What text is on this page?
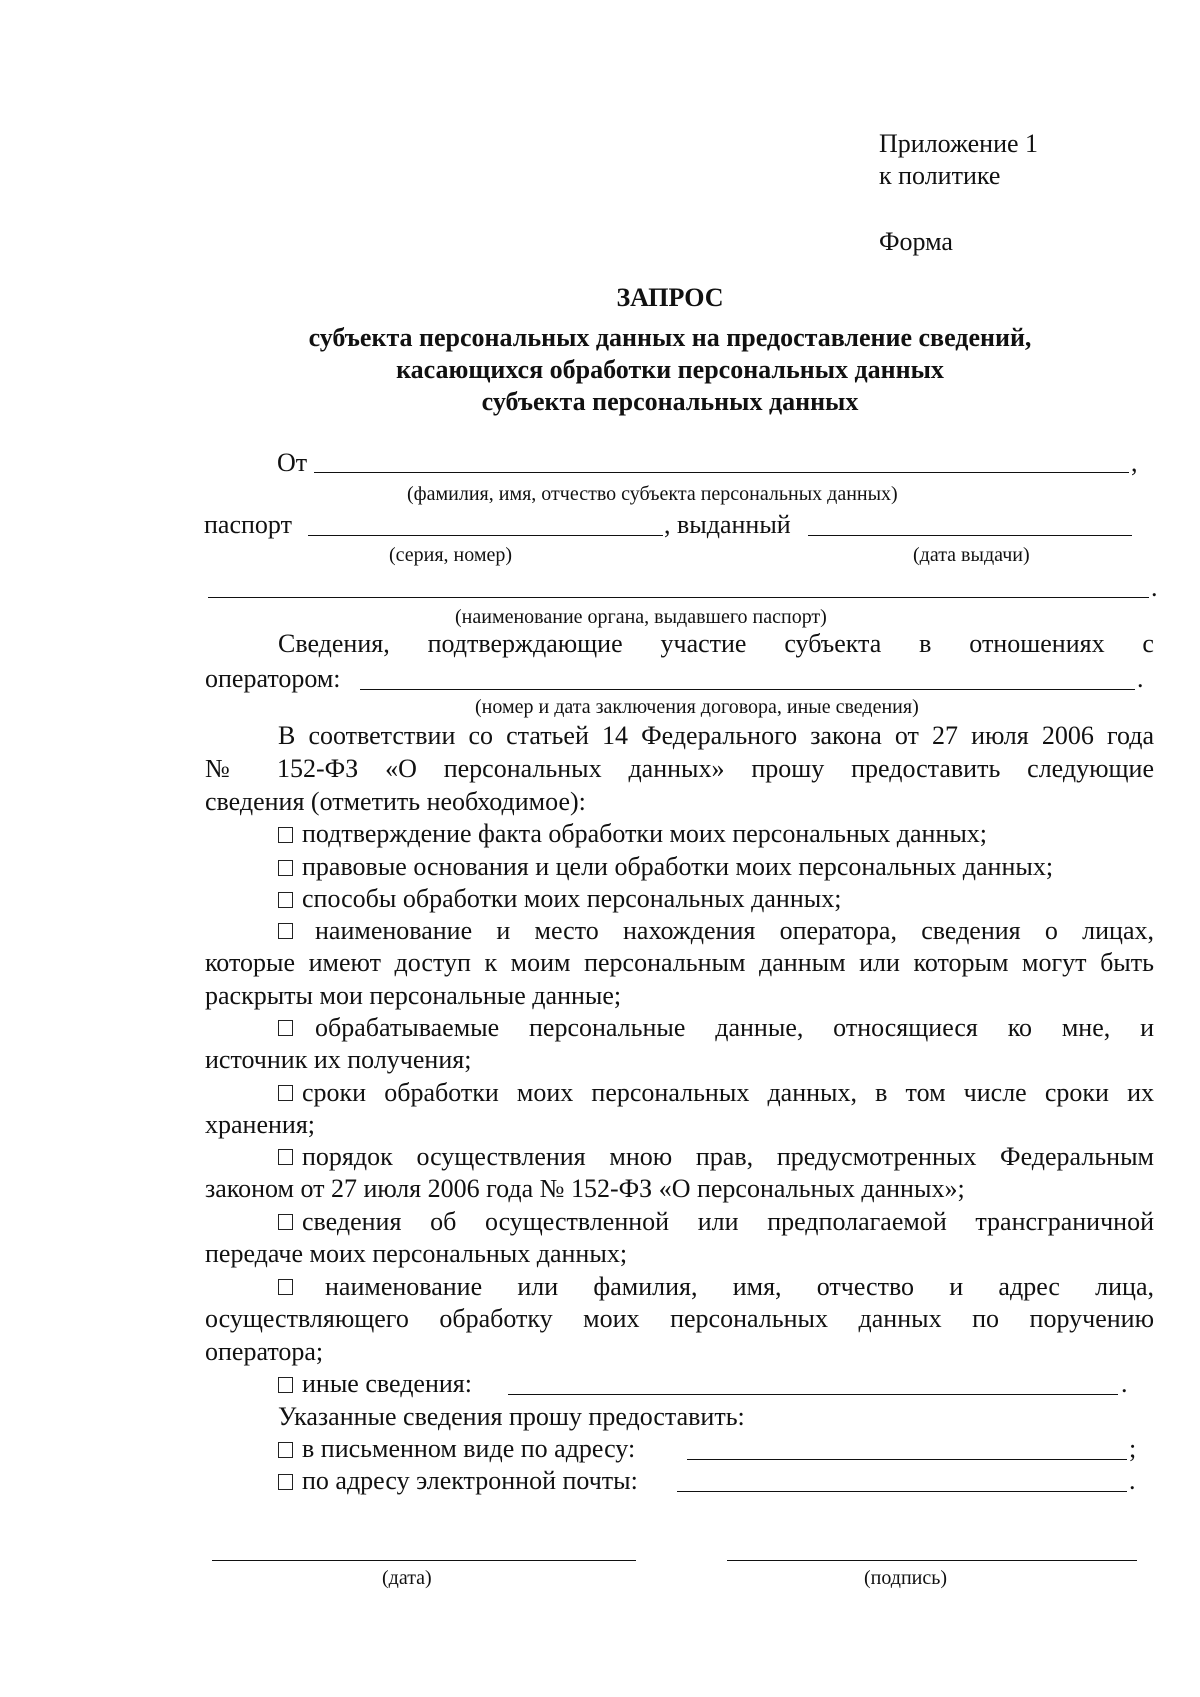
Приложение 1
к политике
Форма
ЗАПРОС
субъекта персональных данных на предоставление сведений,
касающихся обработки персональных данных
субъекта персональных данных
От	,
(фамилия, имя, отчество субъекта персональных данных)
паспорт	, выданный
(серия, номер)	(дата выдачи)
.
(наименование органа, выдавшего паспорт)
Сведения, подтверждающие участие субъекта в отношениях с
оператором:	.
(номер и дата заключения договора, иные сведения)
В соответствии со статьей 14 Федерального закона от 27 июля 2006 года
№ 152-ФЗ «О персональных данных» прошу предоставить следующие
сведения (отметить необходимое):
подтверждение факта обработки моих персональных данных;
правовые основания и цели обработки моих персональных данных;
способы обработки моих персональных данных;
наименование и место нахождения оператора, сведения о лицах,
которые имеют доступ к моим персональным данным или которым могут быть
раскрыты мои персональные данные;
обрабатываемые персональные данные, относящиеся ко мне, и
источник их получения;
сроки обработки моих персональных данных, в том числе сроки их
хранения;
порядок осуществления мною прав, предусмотренных Федеральным
законом от 27 июля 2006 года № 152-ФЗ «О персональных данных»;
сведения об осуществленной или предполагаемой трансграничной
передаче моих персональных данных;
наименование или фамилия, имя, отчество и адрес лица,
осуществляющего обработку моих персональных данных по поручению
оператора;
иные сведения:	.
Указанные сведения прошу предоставить:
в письменном виде по адресу:	;
по адресу электронной почты:	.
(дата)	(подпись)
